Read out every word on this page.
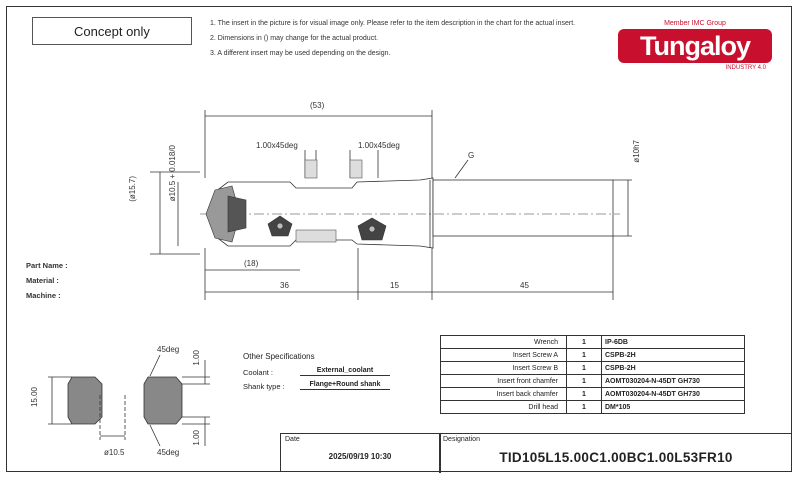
Concept only	1. The insert in the picture is for visual image only. Please refer to the item description in the chart for the actual insert.
2. Dimensions in () may change for the actual product.
3. A different insert may be used depending on the design.
Member IMC Group
Tungaloy
INDUSTRY 4.0
(53)
1.00x45deg	1.00x45deg
(ø15.7)	ø10.5 + 0.018/0	ø10h7
G
(18)
36	15	45
Part Name :
Material :
Machine :
45deg
45deg
15.00
ø10.5
1.00
1.00
Other Specifications
Coolant :	External_coolant
Shank type :	Flange+Round shank
Wrench	1	IP-6DB
Insert Screw A	1	CSPB-2H
Insert Screw B	1	CSPB-2H
Insert front chamfer	1	AOMT030204-N-45DT GH730
Insert back chamfer	1	AOMT030204-N-45DT GH730
Drill head	1	DM*105
Date
2025/09/19 10:30
Designation
TID105L15.00C1.00BC1.00L53FR10
